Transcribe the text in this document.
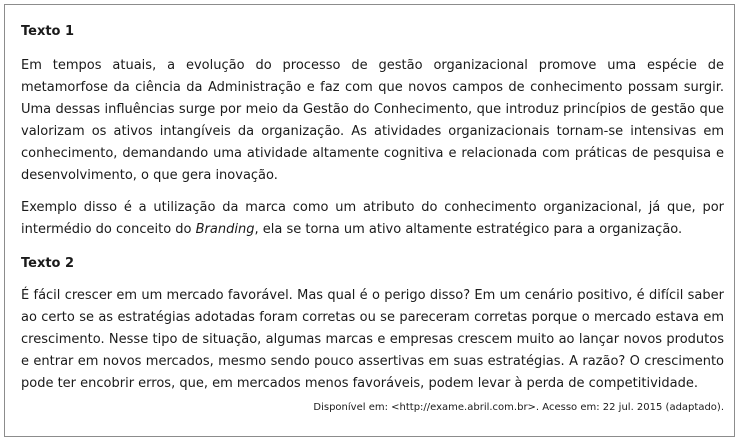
Texto 1

Em tempos atuais, a evolução do processo de gestão organizacional promove uma espécie de metamorfose da ciência da Administração e faz com que novos campos de conhecimento possam surgir. Uma dessas influências surge por meio da Gestão do Conhecimento, que introduz princípios de gestão que valorizam os ativos intangíveis da organização. As atividades organizacionais tornam-se intensivas em conhecimento, demandando uma atividade altamente cognitiva e relacionada com práticas de pesquisa e desenvolvimento, o que gera inovação.

Exemplo disso é a utilização da marca como um atributo do conhecimento organizacional, já que, por intermédio do conceito do Branding, ela se torna um ativo altamente estratégico para a organização.

Texto 2

É fácil crescer em um mercado favorável. Mas qual é o perigo disso? Em um cenário positivo, é difícil saber ao certo se as estratégias adotadas foram corretas ou se pareceram corretas porque o mercado estava em crescimento. Nesse tipo de situação, algumas marcas e empresas crescem muito ao lançar novos produtos e entrar em novos mercados, mesmo sendo pouco assertivas em suas estratégias. A razão? O crescimento pode ter encobrir erros, que, em mercados menos favoráveis, podem levar à perda de competitividade.

Disponível em: <http://exame.abril.com.br>. Acesso em: 22 jul. 2015 (adaptado).
